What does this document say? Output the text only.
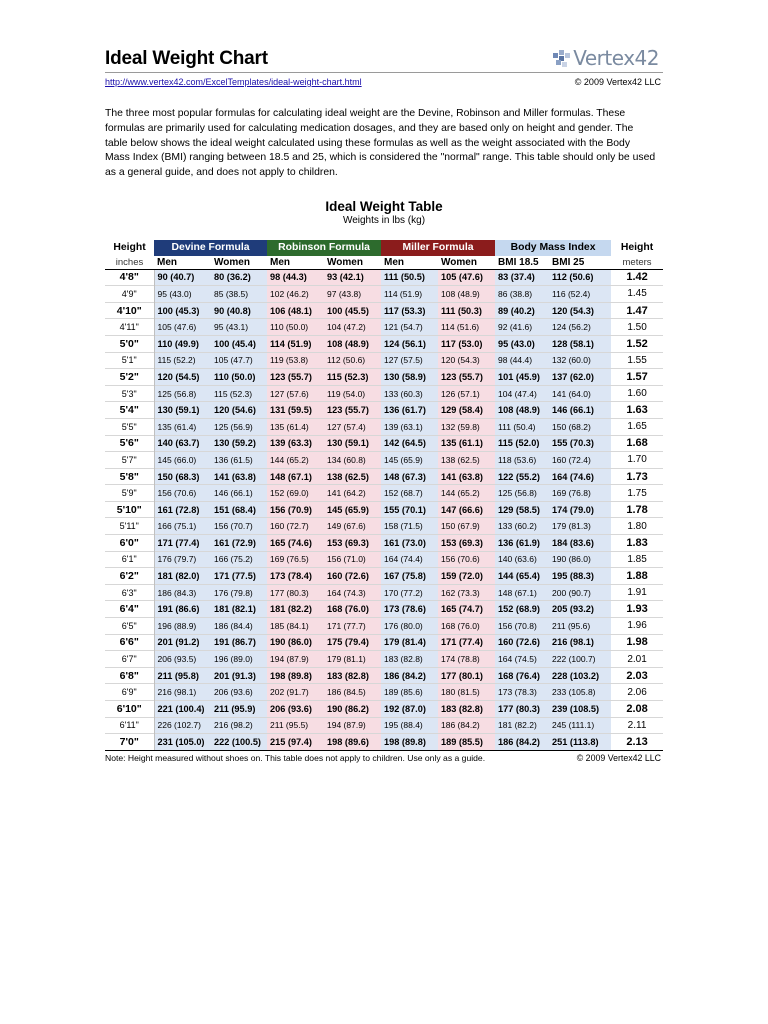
Ideal Weight Chart	Vertex42
http://www.vertex42.com/ExcelTemplates/ideal-weight-chart.html	© 2009 Vertex42 LLC
The three most popular formulas for calculating ideal weight are the Devine, Robinson and Miller formulas. These formulas are primarily used for calculating medication dosages, and they are based only on height and gender. The table below shows the ideal weight calculated using these formulas as well as the weight associated with the Body Mass Index (BMI) ranging between 18.5 and 25, which is considered the "normal" range. This table should only be used as a general guide, and does not apply to children.
Ideal Weight Table
Weights in lbs (kg)
Height	Devine Formula		Robinson Formula		Miller Formula		Body Mass Index		Height
inches	Men	Women	Men	Women	Men	Women	BMI 18.5	BMI 25	meters
4'8"	90 (40.7)	80 (36.2)	98 (44.3)	93 (42.1)	111 (50.5)	105 (47.6)	83 (37.4)	112 (50.6)	1.42
4'9"	95 (43.0)	85 (38.5)	102 (46.2)	97 (43.8)	114 (51.9)	108 (48.9)	86 (38.8)	116 (52.4)	1.45
4'10"	100 (45.3)	90 (40.8)	106 (48.1)	100 (45.5)	117 (53.3)	111 (50.3)	89 (40.2)	120 (54.3)	1.47
4'11"	105 (47.6)	95 (43.1)	110 (50.0)	104 (47.2)	121 (54.7)	114 (51.6)	92 (41.6)	124 (56.2)	1.50
5'0"	110 (49.9)	100 (45.4)	114 (51.9)	108 (48.9)	124 (56.1)	117 (53.0)	95 (43.0)	128 (58.1)	1.52
5'1"	115 (52.2)	105 (47.7)	119 (53.8)	112 (50.6)	127 (57.5)	120 (54.3)	98 (44.4)	132 (60.0)	1.55
5'2"	120 (54.5)	110 (50.0)	123 (55.7)	115 (52.3)	130 (58.9)	123 (55.7)	101 (45.9)	137 (62.0)	1.57
5'3"	125 (56.8)	115 (52.3)	127 (57.6)	119 (54.0)	133 (60.3)	126 (57.1)	104 (47.4)	141 (64.0)	1.60
5'4"	130 (59.1)	120 (54.6)	131 (59.5)	123 (55.7)	136 (61.7)	129 (58.4)	108 (48.9)	146 (66.1)	1.63
5'5"	135 (61.4)	125 (56.9)	135 (61.4)	127 (57.4)	139 (63.1)	132 (59.8)	111 (50.4)	150 (68.2)	1.65
5'6"	140 (63.7)	130 (59.2)	139 (63.3)	130 (59.1)	142 (64.5)	135 (61.1)	115 (52.0)	155 (70.3)	1.68
5'7"	145 (66.0)	136 (61.5)	144 (65.2)	134 (60.8)	145 (65.9)	138 (62.5)	118 (53.6)	160 (72.4)	1.70
5'8"	150 (68.3)	141 (63.8)	148 (67.1)	138 (62.5)	148 (67.3)	141 (63.8)	122 (55.2)	164 (74.6)	1.73
5'9"	156 (70.6)	146 (66.1)	152 (69.0)	141 (64.2)	152 (68.7)	144 (65.2)	125 (56.8)	169 (76.8)	1.75
5'10"	161 (72.8)	151 (68.4)	156 (70.9)	145 (65.9)	155 (70.1)	147 (66.6)	129 (58.5)	174 (79.0)	1.78
5'11"	166 (75.1)	156 (70.7)	160 (72.7)	149 (67.6)	158 (71.5)	150 (67.9)	133 (60.2)	179 (81.3)	1.80
6'0"	171 (77.4)	161 (72.9)	165 (74.6)	153 (69.3)	161 (73.0)	153 (69.3)	136 (61.9)	184 (83.6)	1.83
6'1"	176 (79.7)	166 (75.2)	169 (76.5)	156 (71.0)	164 (74.4)	156 (70.6)	140 (63.6)	190 (86.0)	1.85
6'2"	181 (82.0)	171 (77.5)	173 (78.4)	160 (72.6)	167 (75.8)	159 (72.0)	144 (65.4)	195 (88.3)	1.88
6'3"	186 (84.3)	176 (79.8)	177 (80.3)	164 (74.3)	170 (77.2)	162 (73.3)	148 (67.1)	200 (90.7)	1.91
6'4"	191 (86.6)	181 (82.1)	181 (82.2)	168 (76.0)	173 (78.6)	165 (74.7)	152 (68.9)	205 (93.2)	1.93
6'5"	196 (88.9)	186 (84.4)	185 (84.1)	171 (77.7)	176 (80.0)	168 (76.0)	156 (70.8)	211 (95.6)	1.96
6'6"	201 (91.2)	191 (86.7)	190 (86.0)	175 (79.4)	179 (81.4)	171 (77.4)	160 (72.6)	216 (98.1)	1.98
6'7"	206 (93.5)	196 (89.0)	194 (87.9)	179 (81.1)	183 (82.8)	174 (78.8)	164 (74.5)	222 (100.7)	2.01
6'8"	211 (95.8)	201 (91.3)	198 (89.8)	183 (82.8)	186 (84.2)	177 (80.1)	168 (76.4)	228 (103.2)	2.03
6'9"	216 (98.1)	206 (93.6)	202 (91.7)	186 (84.5)	189 (85.6)	180 (81.5)	173 (78.3)	233 (105.8)	2.06
6'10"	221 (100.4)	211 (95.9)	206 (93.6)	190 (86.2)	192 (87.0)	183 (82.8)	177 (80.3)	239 (108.5)	2.08
6'11"	226 (102.7)	216 (98.2)	211 (95.5)	194 (87.9)	195 (88.4)	186 (84.2)	181 (82.2)	245 (111.1)	2.11
7'0"	231 (105.0)	222 (100.5)	215 (97.4)	198 (89.6)	198 (89.8)	189 (85.5)	186 (84.2)	251 (113.8)	2.13
Note: Height measured without shoes on. This table does not apply to children. Use only as a guide.	© 2009 Vertex42 LLC
